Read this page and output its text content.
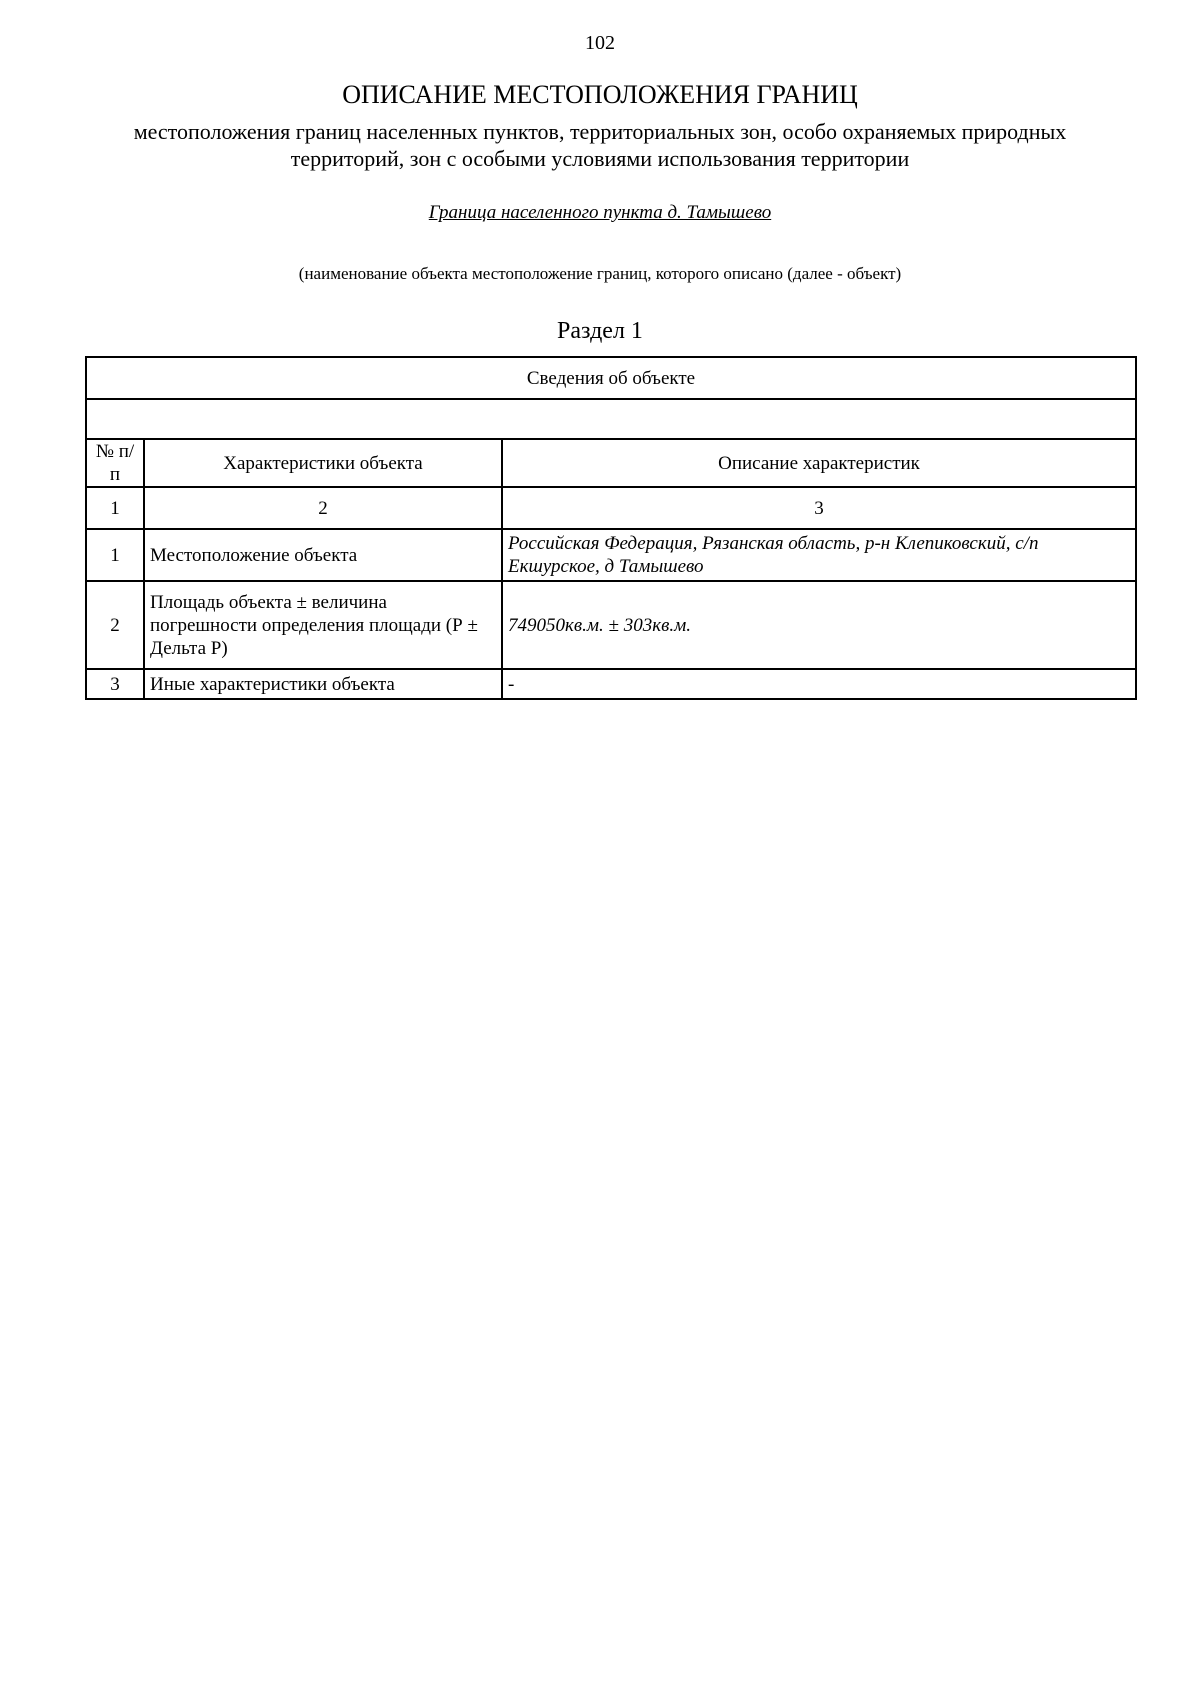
102
ОПИСАНИЕ МЕСТОПОЛОЖЕНИЯ ГРАНИЦ
местоположения границ населенных пунктов, территориальных зон, особо охраняемых природных территорий, зон с особыми условиями использования территории
Граница населенного пункта д. Тамышево
(наименование объекта местоположение границ, которого описано (далее - объект)
Раздел 1
Сведения об объекте		

№ п/п	Характеристики объекта	Описание характеристик
1	2	3
1	Местоположение объекта	Российская Федерация, Рязанская область, р-н Клепиковский, с/п Екшурское, д Тамышево
2	Площадь объекта ± величина погрешности определения площади (Р ± Дельта Р)	749050кв.м. ± 303кв.м.
3	Иные характеристики объекта	-
